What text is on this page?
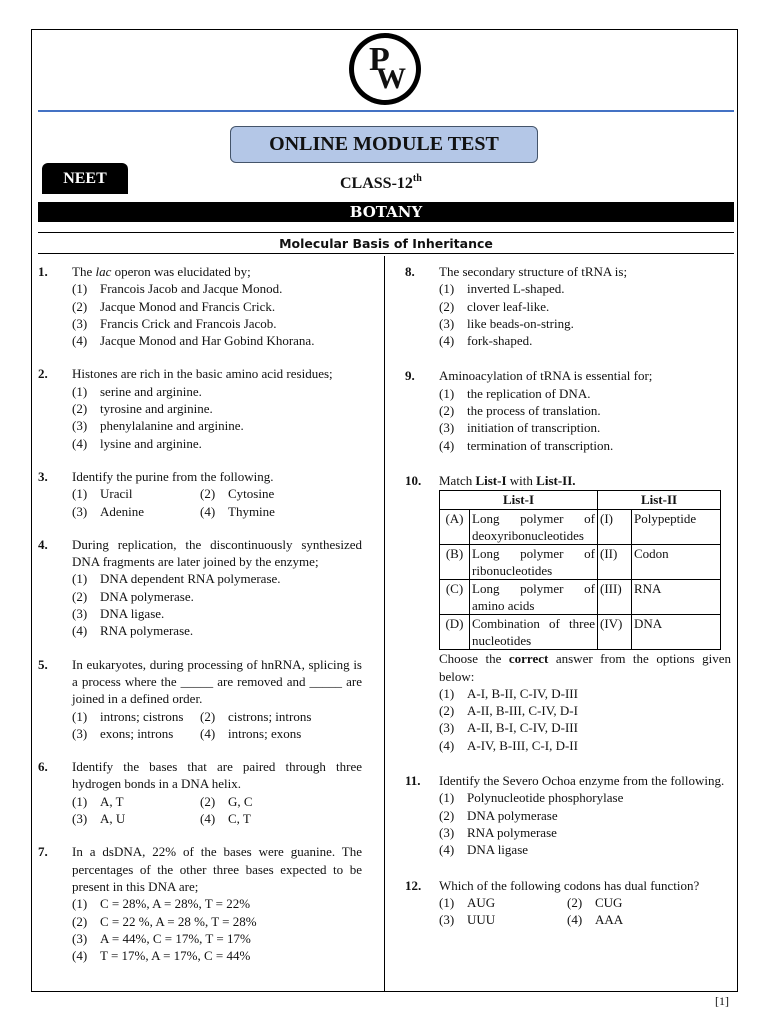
P
W
ONLINE MODULE TEST
NEET	CLASS-12th
BOTANY
Molecular Basis of Inheritance
1.	The lac operon was elucidated by;
(1) Francois Jacob and Jacque Monod.
(2) Jacque Monod and Francis Crick.
(3) Francis Crick and Francois Jacob.
(4) Jacque Monod and Har Gobind Khorana.
2.	Histones are rich in the basic amino acid residues;
(1) serine and arginine.
(2) tyrosine and arginine.
(3) phenylalanine and arginine.
(4) lysine and arginine.
3.	Identify the purine from the following.
(1) Uracil	(2) Cytosine
(3) Adenine	(4) Thymine
4.	During replication, the discontinuously synthesized DNA fragments are later joined by the enzyme;
(1) DNA dependent RNA polymerase.
(2) DNA polymerase.
(3) DNA ligase.
(4) RNA polymerase.
5.	In eukaryotes, during processing of hnRNA, splicing is a process where the _____ are removed and _____ are joined in a defined order.
(1) introns; cistrons (2) cistrons; introns
(3) exons; introns (4) introns; exons
6.	Identify the bases that are paired through three hydrogen bonds in a DNA helix.
(1) A, T	(2) G, C
(3) A, U	(4) C, T
7.	In a dsDNA, 22% of the bases were guanine. The percentages of the other three bases expected to be present in this DNA are;
(1) C = 28%, A = 28%, T = 22%
(2) C = 22 %, A = 28 %, T = 28%
(3) A = 44%, C = 17%, T = 17%
(4) T = 17%, A = 17%, C = 44%
8.	The secondary structure of tRNA is;
(1) inverted L-shaped.
(2) clover leaf-like.
(3) like beads-on-string.
(4) fork-shaped.
9.	Aminoacylation of tRNA is essential for;
(1) the replication of DNA.
(2) the process of translation.
(3) initiation of transcription.
(4) termination of transcription.
10.	Match List-I with List-II.
List-I		List-II	
(A)	Long polymer of deoxyribonucleotides	(I)	Polypeptide
(B)	Long polymer of ribonucleotides	(II)	Codon
(C)	Long polymer of amino acids	(III)	RNA
(D)	Combination of three nucleotides	(IV)	DNA
Choose the correct answer from the options given below:
(1) A-I, B-II, C-IV, D-III
(2) A-II, B-III, C-IV, D-I
(3) A-II, B-I, C-IV, D-III
(4) A-IV, B-III, C-I, D-II
11.	Identify the Severo Ochoa enzyme from the following.
(1) Polynucleotide phosphorylase
(2) DNA polymerase
(3) RNA polymerase
(4) DNA ligase
12.	Which of the following codons has dual function?
(1) AUG	(2) CUG
(3) UUU	(4) AAA
[1]
